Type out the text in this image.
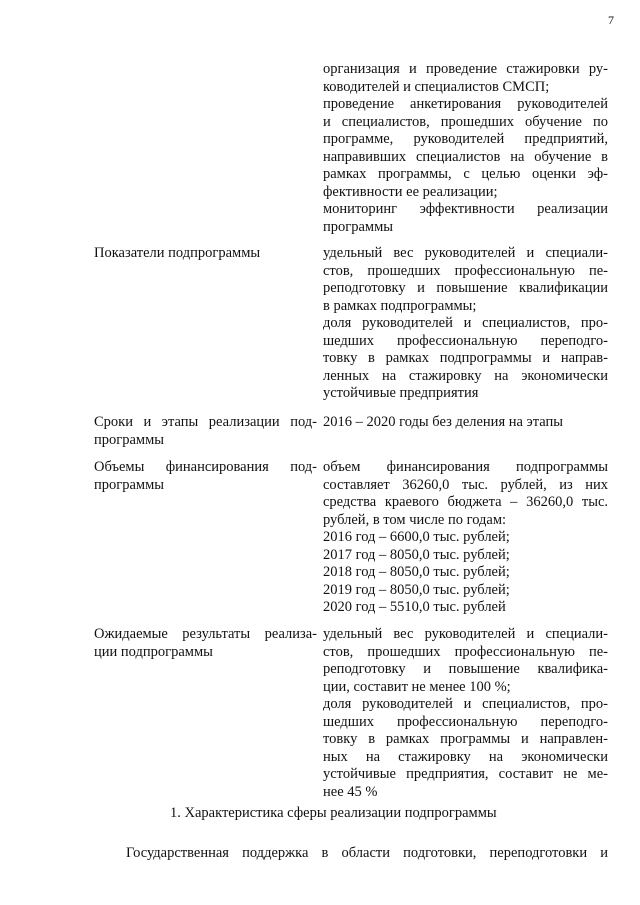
7
организация и проведение стажировки ру-
ководителей и специалистов СМСП;
проведение анкетирования руководителей
и специалистов, прошедших обучение по
программе, руководителей предприятий,
направивших специалистов на обучение в
рамках программы, с целью оценки эф-
фективности ее реализации;
мониторинг эффективности реализации
программы
Показатели подпрограммы	удельный вес руководителей и специали-
стов, прошедших профессиональную пе-
реподготовку и повышение квалификации
в рамках подпрограммы;
доля руководителей и специалистов, про-
шедших профессиональную переподго-
товку в рамках подпрограммы и направ-
ленных на стажировку на экономически
устойчивые предприятия
Сроки и этапы реализации под-
программы
2016 – 2020 годы без деления на этапы
Объемы финансирования под-
программы
объем финансирования подпрограммы
составляет 36260,0 тыс. рублей, из них
средства краевого бюджета – 36260,0 тыс.
рублей, в том числе по годам:
2016 год – 6600,0 тыс. рублей;
2017 год – 8050,0 тыс. рублей;
2018 год – 8050,0 тыс. рублей;
2019 год – 8050,0 тыс. рублей;
2020 год – 5510,0 тыс. рублей
Ожидаемые результаты реализа-
ции подпрограммы
удельный вес руководителей и специали-
стов, прошедших профессиональную пе-
реподготовку и повышение квалифика-
ции, составит не менее 100 %;
доля руководителей и специалистов, про-
шедших профессиональную переподго-
товку в рамках программы и направлен-
ных на стажировку на экономически
устойчивые предприятия, составит не ме-
нее 45 %
1. Характеристика сферы реализации подпрограммы
Государственная поддержка в области подготовки, переподготовки и
